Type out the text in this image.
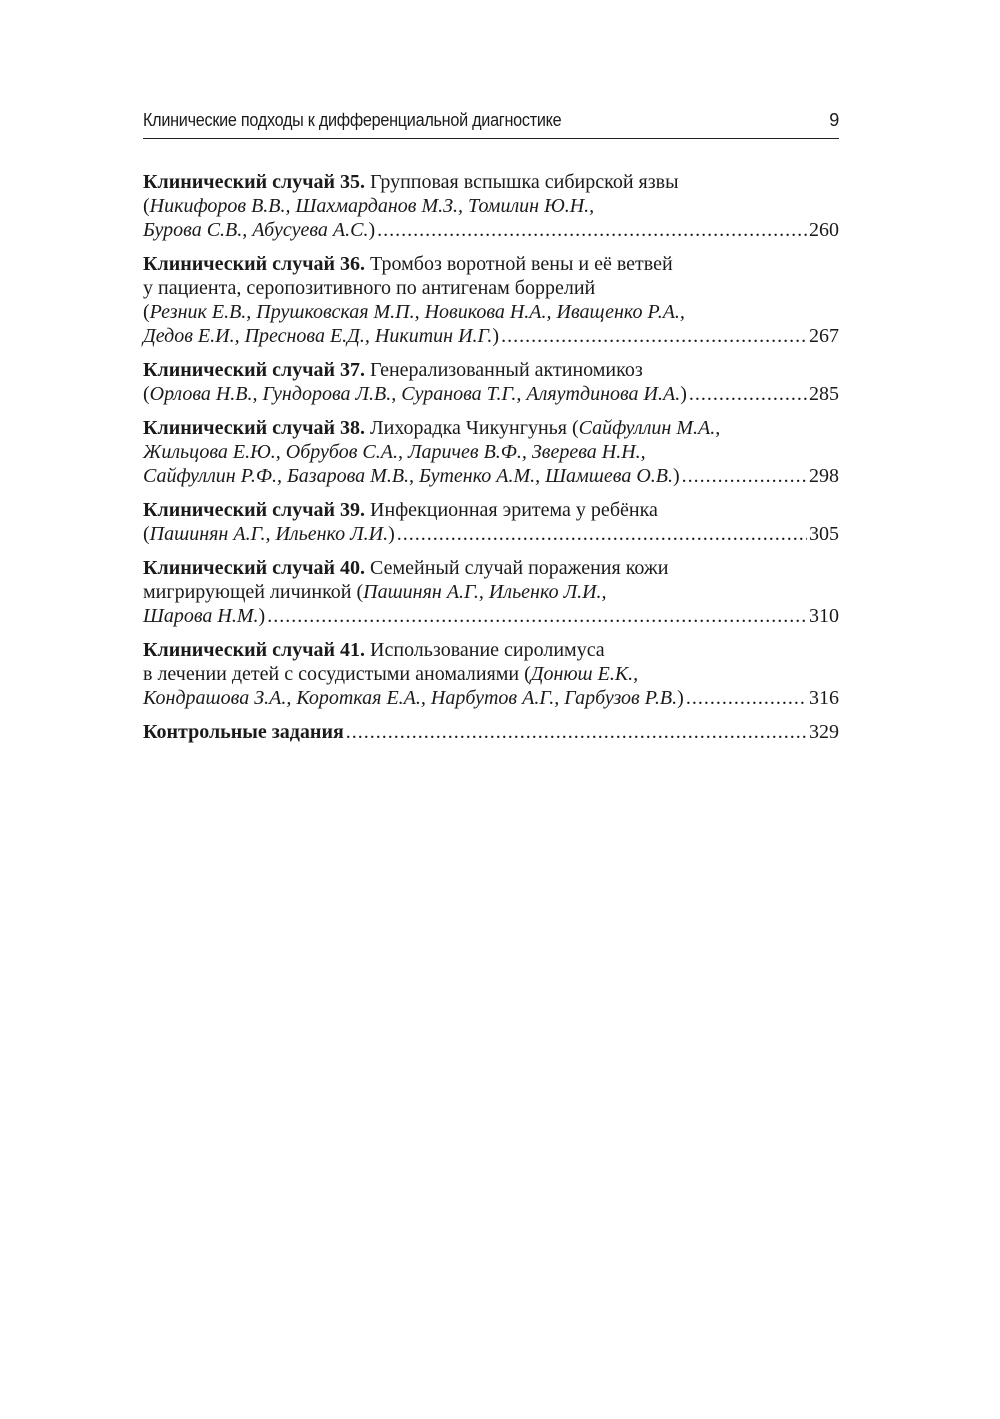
Клинические подходы к дифференциальной диагностике	9
Клинический случай 35. Групповая вспышка сибирской язвы
(Никифоров В.В., Шахмарданов М.З., Томилин Ю.Н.,
Бурова С.В., Абусуева А.С.) .....	260
Клинический случай 36. Тромбоз воротной вены и её ветвей
у пациента, серопозитивного по антигенам боррелий
(Резник Е.В., Прушковская М.П., Новикова Н.А., Иващенко Р.А.,
Дедов Е.И., Преснова Е.Д., Никитин И.Г.) .....	267
Клинический случай 37. Генерализованный актиномикоз
(Орлова Н.В., Гундорова Л.В., Суранова Т.Г., Аляутдинова И.А.) .....	285
Клинический случай 38. Лихорадка Чикунгунья (Сайфуллин М.А.,
Жильцова Е.Ю., Обрубов С.А., Ларичев В.Ф., Зверева Н.Н.,
Сайфуллин Р.Ф., Базарова М.В., Бутенко А.М., Шамшева О.В.) .....	298
Клинический случай 39. Инфекционная эритема у ребёнка
(Пашинян А.Г., Ильенко Л.И.) .....	305
Клинический случай 40. Семейный случай поражения кожи
мигрирующей личинкой (Пашинян А.Г., Ильенко Л.И.,
Шарова Н.М.) .....	310
Клинический случай 41. Использование сиролимуса
в лечении детей с сосудистыми аномалиями (Донюш Е.К.,
Кондрашова З.А., Короткая Е.А., Нарбутов А.Г., Гарбузов Р.В.) .....	316
Контрольные задания .....	329
